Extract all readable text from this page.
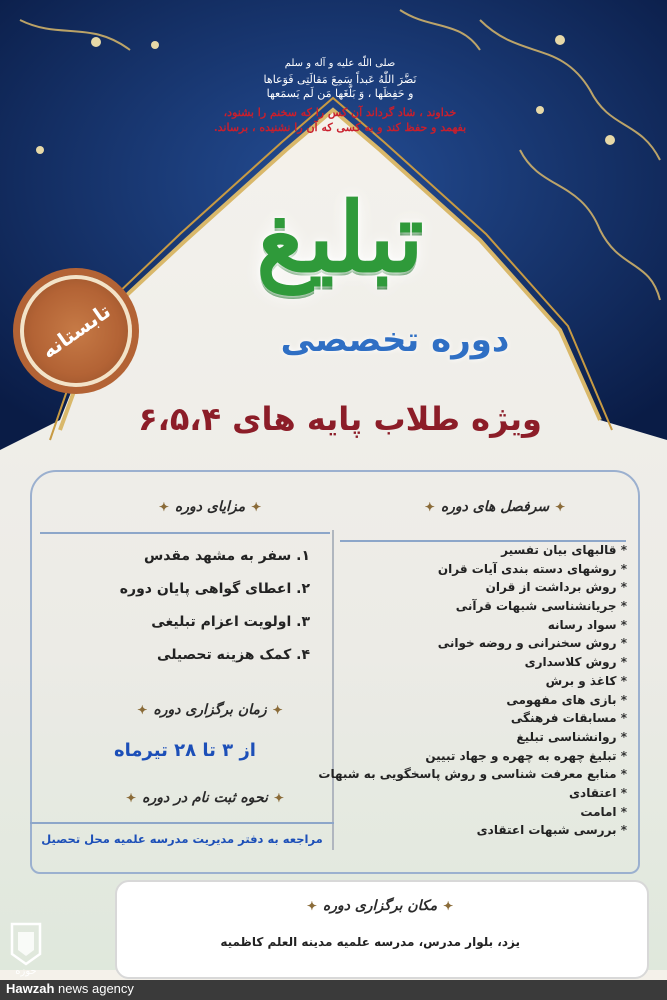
صلی اللّه علیه و آله و سلم
نَضَّرَ اللّٰهُ عَبداً سَمِعَ مَقالَتِی فَوَعاها
و حَفِظَها ، وَ بَلَّغَها مَن لَم یَسمَعها
خداوند ، شاد گرداند آن کس را که سخنم را بشنود،
بفهمد و حفظ کند و به کسی که آن را نشنیده ، برساند.
تابستانه
تبلیغ
دوره تخصصی
ویژه طلاب پایه های ۶،۵،۴
✦ مزایای دوره ✦
۱. سفر به مشهد مقدس
۲. اعطای گواهی پایان دوره
۳. اولویت اعزام تبلیغی
۴. کمک هزینه تحصیلی
✦ زمان برگزاری دوره ✦
از ۳ تا ۲۸ تیرماه
✦ نحوه ثبت نام در دوره ✦
مراجعه به دفتر مدیریت مدرسه علمیه محل تحصیل
✦ سرفصل های دوره ✦
* قالبهای بیان تفسیر
* روشهای دسته بندی آیات قران
* روش برداشت از قران
* جریانشناسی شبهات قرآنی
* سواد رسانه
* روش سخنرانی و روضه خوانی
* روش کلاسداری
* کاغذ و برش
* بازی های مفهومی
* مسابقات فرهنگی
* روانشناسی تبلیغ
* تبلیغ چهره به چهره و جهاد تبیین
* منابع معرفت شناسی و روش پاسخگویی به شبهات
* اعتقادی
* امامت
* بررسی شبهات اعتقادی
✦ مکان برگزاری دوره ✦
یزد، بلوار مدرس، مدرسه علمیه مدینه العلم کاظمیه
حوزه
Hawzah news agency
